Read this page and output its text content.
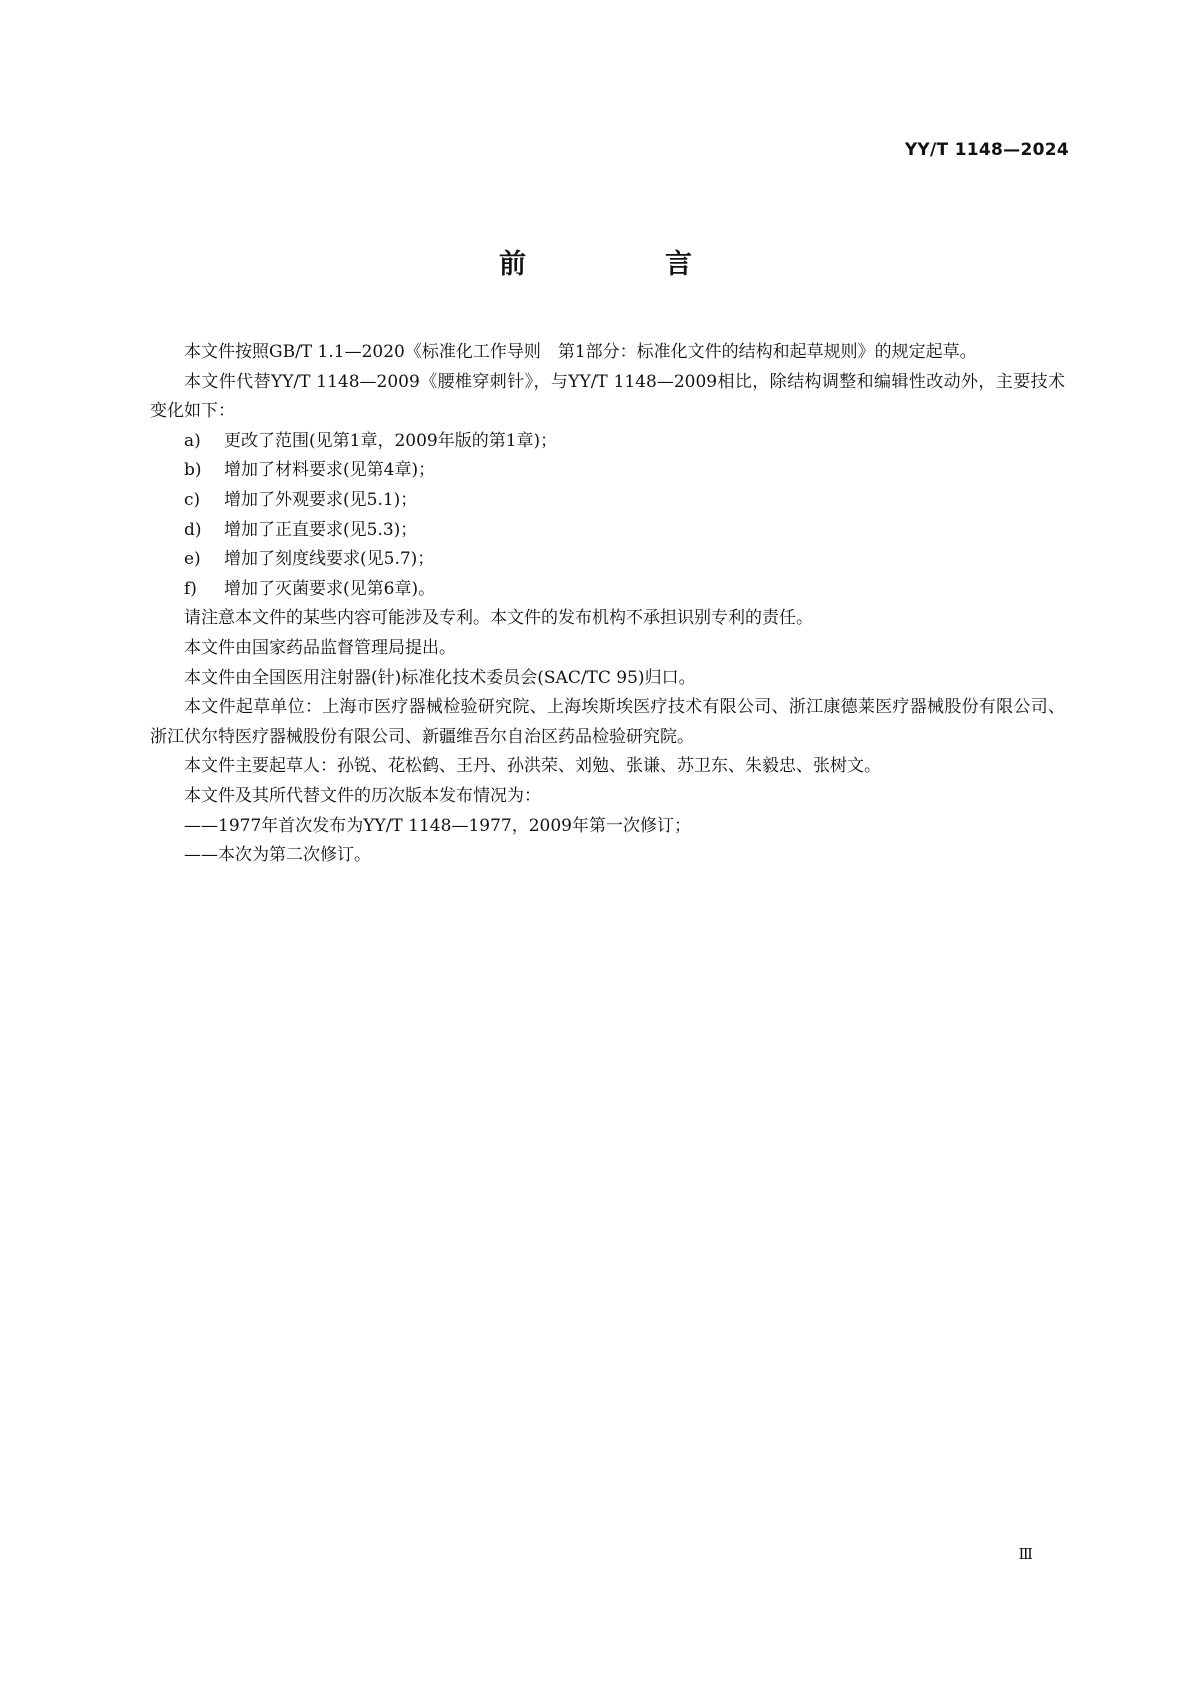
YY/T 1148—2024
前　言

本文件按照GB/T 1.1—2020《标准化工作导则　第1部分：标准化文件的结构和起草规则》的规定起草。

本文件代替YY/T 1148—2009《腰椎穿刺针》，与YY/T 1148—2009相比，除结构调整和编辑性改动外，主要技术变化如下：

a) 更改了范围(见第1章，2009年版的第1章)；

b) 增加了材料要求(见第4章)；

c) 增加了外观要求(见5.1)；

d) 增加了正直要求(见5.3)；

e) 增加了刻度线要求(见5.7)；

f) 增加了灭菌要求(见第6章)。

请注意本文件的某些内容可能涉及专利。本文件的发布机构不承担识别专利的责任。

本文件由国家药品监督管理局提出。

本文件由全国医用注射器(针)标准化技术委员会(SAC/TC 95)归口。

本文件起草单位：上海市医疗器械检验研究院、上海埃斯埃医疗技术有限公司、浙江康德莱医疗器械股份有限公司、浙江伏尔特医疗器械股份有限公司、新疆维吾尔自治区药品检验研究院。

本文件主要起草人：孙锐、花松鹤、王丹、孙洪荣、刘勉、张谦、苏卫东、朱毅忠、张树文。

本文件及其所代替文件的历次版本发布情况为：

——1977年首次发布为YY/T 1148—1977，2009年第一次修订；

——本次为第二次修订。

Ⅲ
